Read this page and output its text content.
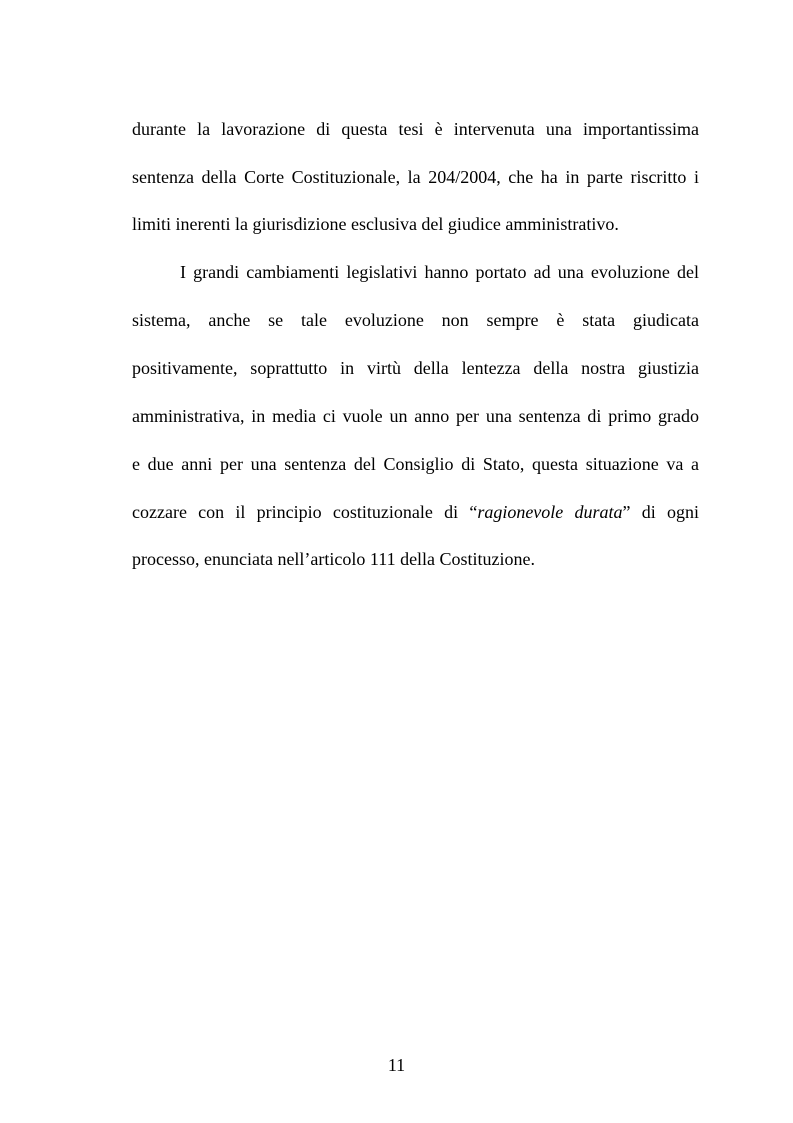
durante la lavorazione di questa tesi è intervenuta una importantissima
sentenza della Corte Costituzionale, la 204/2004, che ha in parte riscritto i
limiti inerenti la giurisdizione esclusiva del giudice amministrativo.
I grandi cambiamenti legislativi hanno portato ad una evoluzione del
sistema, anche se tale evoluzione non sempre è stata giudicata
positivamente, soprattutto in virtù della lentezza della nostra giustizia
amministrativa, in media ci vuole un anno per una sentenza di primo grado
e due anni per una sentenza del Consiglio di Stato, questa situazione va a
cozzare con il principio costituzionale di “ragionevole durata” di ogni
processo, enunciata nell’articolo 111 della Costituzione.
11
